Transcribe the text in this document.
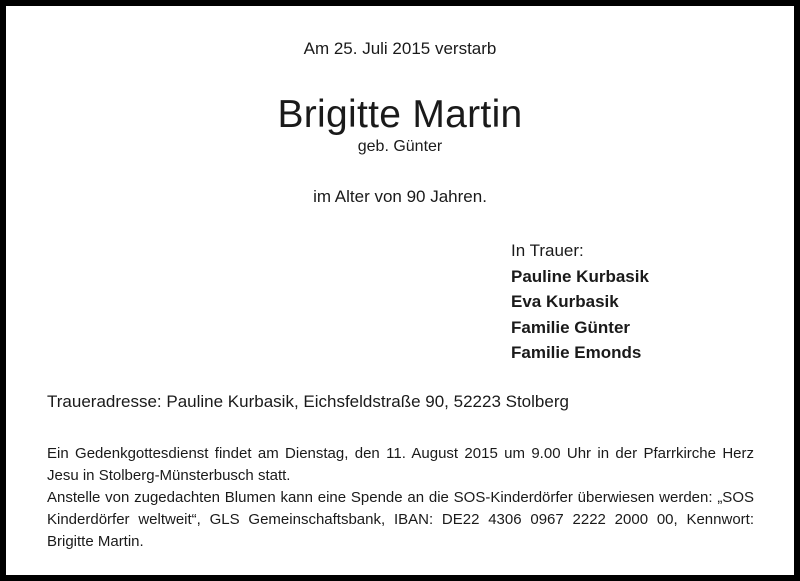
Am 25. Juli 2015 verstarb
Brigitte Martin
geb. Günter
im Alter von 90 Jahren.
In Trauer:
Pauline Kurbasik
Eva Kurbasik
Familie Günter
Familie Emonds
Traueradresse: Pauline Kurbasik, Eichsfeldstraße 90, 52223 Stolberg

Ein Gedenkgottesdienst findet am Dienstag, den 11. August 2015 um 9.00 Uhr in der Pfarrkirche Herz Jesu in Stolberg-Münsterbusch statt.

Anstelle von zugedachten Blumen kann eine Spende an die SOS-Kinderdörfer überwiesen werden: „SOS Kinderdörfer weltweit“, GLS Gemeinschaftsbank, IBAN: DE22 4306 0967 2222 2000 00, Kennwort: Brigitte Martin.
